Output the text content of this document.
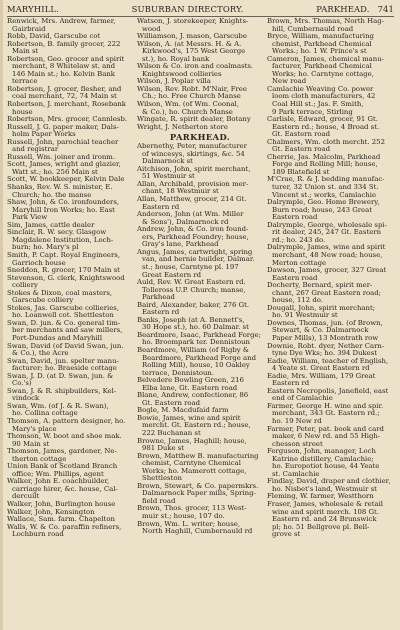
MARYHILL.	SUBURBAN DIRECTORY.	PARKHEAD. 741
Renwick, Mrs. Andrew, farmer,
Gairbraid
Robb, David, Garscube cot
Robertson, B. family grocer, 222
Main st
Robertson, Geo. grocer and spirit
merchant, 8 Whitelaw st. and
146 Main st.; ho. Kelvin Bank
terrace
Robertson, J. grocer, flesher, and
coal merchant, 72, 74 Main st
Robertson, J. merchant, Rosebank
house
Robertson, Mrs. grocer, Cannlesb.
Russell, J. G. paper maker, Dals-
holm Paper Works
Russell, John, parochial teacher
and registrar
Russell, Wm. joiner and ironm.
Scott, James, wright and glazier,
Watt st.; ho. 256 Main st
Scott, W. bookkeeper, Kelvin Dale
Shanks, Rev. W. S. minister, E.
Church; ho. the manse
Shaw, John, & Co. ironfounders,
Maryhill Iron Works; ho. East
Park View
Sim, James, cattle dealer
Sinclair, R. W. secy. Glasgow
Magdalene Institution, Loch-
burn; ho. Mary's pl
Smith, P. Capt. Royal Engineers,
Garrioch house
Sneddon, R. grocer, 170 Main st
Stevenson, G. clerk, Knightswood
colliery
Stokes & Dixon, coal masters,
Garscube colliery
Stokes, Jas. Garscube collieries,
ho. Loanwell cot. Shettleston
Swan, D. jun. & Co. general tim-
ber merchants and saw millers,
Port-Dundas and Maryhill
Swan, David (of David Swan, jun.
& Co.), the Acre
Swan, David, jun. spelter manu-
facturer; ho. Braeside cottage
Swan, J. D. (at D. Swan, jun. &
Co.'s)
Swan, J. & R. shipbuilders, Kel-
vindock
Swan, Wm. (of J. & R. Swan),
ho. Collina cottage
Thomson, A. pattern designer, ho.
Mary's place
Thomson, W. boot and shoe mak.
90 Main st
Thomson, James, gardener, Ne-
therton cottage
Union Bank of Scotland Branch
office; Wm. Phillips, agent
Walker, John E. coachbuilder,
carriage hirer, &c. house, Cal-
dercuilt
Walker, John, Burlington house
Walker, John, Kensington
Wallace, Sam. farm. Chapelton
Walls, W. & Co. paraffin refiners,
Lochburn road
Watson, J. storekeeper, Knights-
wood
Williamson, J. mason, Garscube
Wilson, A. (at Messrs. H. & A.
Kirkwood's, 175 West George
st.), ho. Royal bank
Wilson & Co. iron and coalmasts.
Knightswood collieries
Wilson, J. Poplar villa
Wilson, Rev. Robt. M'Nair, Free
Ch.; ho. Free Church Manse
Wilson, Wm. (of Wm. Coonal,
& Co.), ho. Church Manse
Wingate, R. spirit dealer, Botany
Wright, J. Netherton store
PARKHEAD.
Abernethy, Peter, manufacturer
of wincesys, skirtings, &c. 54
Dalmarnock st
Aitchison, John, spirit merchant,
51 Westmuir st
Allan, Archibald, provision mer-
chant, 18 Westmuir st
Allan, Matthew, grocer, 214 Gt.
Eastern rd
Anderson, John (at Wm. Miller
& Sons'), Dalmarnock rd
Andrew, John, & Co. iron found-
ers, Parkhead Foundry; house,
Gray's lane, Parkhead
Angus, James, cartwright, spring
van, and hernie builder, Dalmar.
st.; house, Carntyne pl. 197
Great Eastern rd
Auld, Rev. W. Great Eastern rd.
Tolleross U.P. Church; manse,
Parkhead
Baird, Alexander, baker, 276 Gt.
Eastern rd
Banks, Joseph (at A. Bennett's,
30 Hope st.), ho. 60 Dalmar. st
Beardmore, Isaac, Parkhead Forge;
ho. Broompark ter. Dennistoun
Beardmore, William (of Rigby &
Beardmore, Parkhead Forge and
Rolling Mill), house, 10 Oakley
terrace, Dennistoun.
Belvedere Bowling Green, 216
Elba lane, Gt. Eastern road
Blane, Andrew, confectioner, 86
Gt. Eastern road
Bogle, M. Macdufaid farm
Bowie, James, wine and spirit
mercht. Gt. Eastern rd.; house,
222 Buchanan st
Browne, James, Haghill; house,
981 Duke st
Brown, Matthew B. manufacturing
chemist, Carntyne Chemical
Works; ho. Mamerott cottage,
Shettleston
Brown, Stewart, & Co. papermkrs.
Dalmarnock Paper mills, Spring-
field road
Brown, Thos. grocer, 113 West-
muir st.; house, 107 do.
Brown, Wm. L. writer; house,
North Haghill, Cumbernauld rd
Brown, Mrs. Thomas, North Hag-
hill, Cumbernauld road
Bryce, William, manufacturing
chemist, Parkhead Chemical
Works.; ho. 1 W. Prince's st
Cameron, James, chemical manu-
facturer, Parkhead Chemical
Works; ho. Carntyne cottage,
New road
Camlachie Weaving Co. power
loom cloth manufacturers, 42
Coal Hill st.; Jas. F. Smith,
9 Park terrace, Stirling
Carlisle, Edward, grocer, 91 Gt.
Eastern rd.; house, 4 Broad st.
Gt. Eastern road
Chalmers, Wm. cloth mercht. 252
Gt. Eastern road
Cherrie, Jas. Malcolm, Parkhead
Forge and Rolling Mill; house,
189 Blatefield st
M'Crae, R. & J. bedding manufac-
turer, 32 Union st. and 334 St.
Vincent st.; works, Camlachie
Dalrymple, Geo. Home Brewery,
Burn road; house, 243 Great
Eastern road
Dalrymple, George, wholesale spi-
rit dealer, 245, 247 Gt. Eastern
rd.; ho. 243 do.
Dalrymple, James, wine and spirit
merchant, 48 New road; house,
Merton cottage
Dawson, James, grocer, 327 Great
Eastern road
Docherty, Bernard, spirit mer-
chant, 267 Great Eastern road;
house, 112 do.
Dougall, John, spirit merchant;
ho. 91 Westmuir st
Downes, Thomas, jun. (of Brown,
Stewart, & Co. Dalmarnock
Paper Mills), 13 Montrath row
Downie, Robt. dyer, Nether Carn-
tyne Dye Wks; ho. 394 Dukest
Eadie, William, teacher of English,
4 Yeate st. Great Eastern rd
Eadie, Mrs. William, 179 Great
Eastern rd
Eastern Necropolis, Janefield, east
end of Camlachie
Farmer, George H. wine and spir.
merchant, 343 Gt. Eastern rd.;
ho. 19 New rd
Farmer, Peter, pat. book and card
maker, 6 New rd. and 55 High-
chesson street
Ferguson, John, manager, Loch
Katrine distillery, Camlachie;
ho. Europotiot house, 44 Yeate
st. Camlachie
Findlay, David, draper and clothier,
ho. Nisbet's land, Westmuir st
Fleming, W. farmer, Westthorn
Fraser, James, wholesale & retail
wine and spirit merch. 108 Gt.
Eastern rd. and 24 Brunswick
pl; ho. 51 Bellgrove pl. Bell-
grove st
